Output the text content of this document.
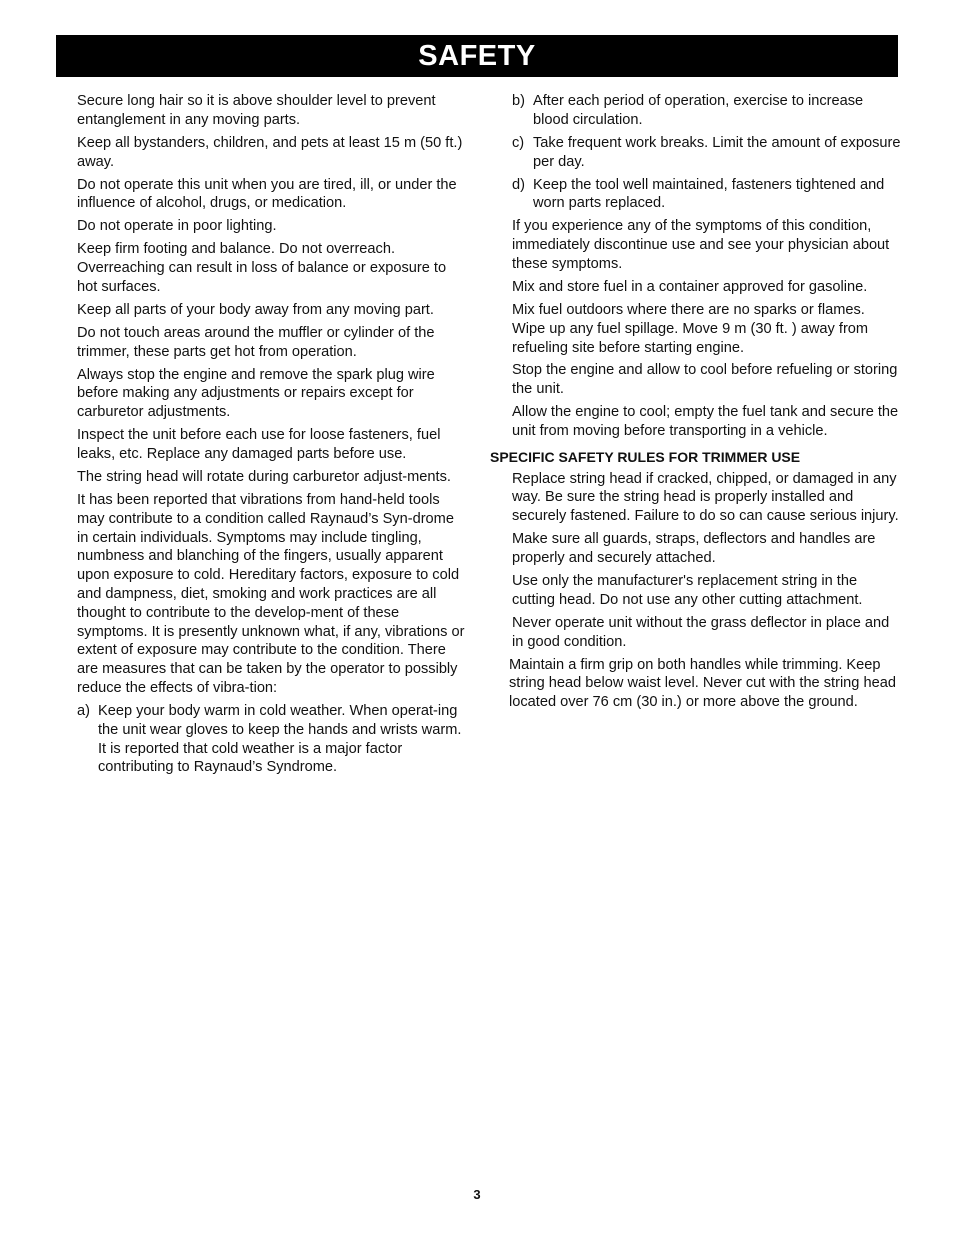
SAFETY

Secure long hair so it is above shoulder level to prevent entanglement in any moving parts.

Keep all bystanders, children, and pets at least 15 m (50 ft.) away.

Do not operate this unit when you are tired, ill, or under the influence of alcohol, drugs, or medication.

Do not operate in poor lighting.

Keep firm footing and balance. Do not overreach. Overreaching can result in loss of balance or exposure to hot surfaces.

Keep all parts of your body away from any moving part.

Do not touch areas around the muffler or cylinder of the trimmer, these parts get hot from operation.

Always stop the engine and remove the spark plug wire before making any adjustments or repairs except for carburetor adjustments.

Inspect the unit before each use for loose fasteners, fuel leaks, etc. Replace any damaged parts before use.

The string head will rotate during carburetor adjust-ments.

It has been reported that vibrations from hand-held tools may contribute to a condition called Raynaud’s Syn-drome in certain individuals. Symptoms may include tingling, numbness and blanching of the fingers, usually apparent upon exposure to cold. Hereditary factors, exposure to cold and dampness, diet, smoking and work practices are all thought to contribute to the develop-ment of these symptoms. It is presently unknown what, if any, vibrations or extent of exposure may contribute to the condition. There are measures that can be taken by the operator to possibly reduce the effects of vibra-tion:

a) Keep your body warm in cold weather. When operat-ing the unit wear gloves to keep the hands and wrists warm. It is reported that cold weather is a major factor contributing to Raynaud’s Syndrome.
b) After each period of operation, exercise to increase blood circulation.
c) Take frequent work breaks. Limit the amount of exposure per day.
d) Keep the tool well maintained, fasteners tightened and worn parts replaced.

If you experience any of the symptoms of this condition, immediately discontinue use and see your physician about these symptoms.

Mix and store fuel in a container approved for gasoline.

Mix fuel outdoors where there are no sparks or flames. Wipe up any fuel spillage. Move 9 m (30 ft. ) away from refueling site before starting engine.

Stop the engine and allow to cool before refueling or storing the unit.

Allow the engine to cool; empty the fuel tank and secure the unit from moving before transporting in a vehicle.

SPECIFIC SAFETY RULES FOR TRIMMER USE

Replace string head if cracked, chipped, or damaged in any way. Be sure the string head is properly installed and securely fastened. Failure to do so can cause serious injury.

Make sure all guards, straps, deflectors and handles are properly and securely attached.

Use only the manufacturer's replacement string in the cutting head. Do not use any other cutting attachment.

Never operate unit without the grass deflector in place and in good condition.

Maintain a firm grip on both handles while trimming. Keep string head below waist level. Never cut with the string head located over 76 cm (30 in.) or more above the ground.

3
